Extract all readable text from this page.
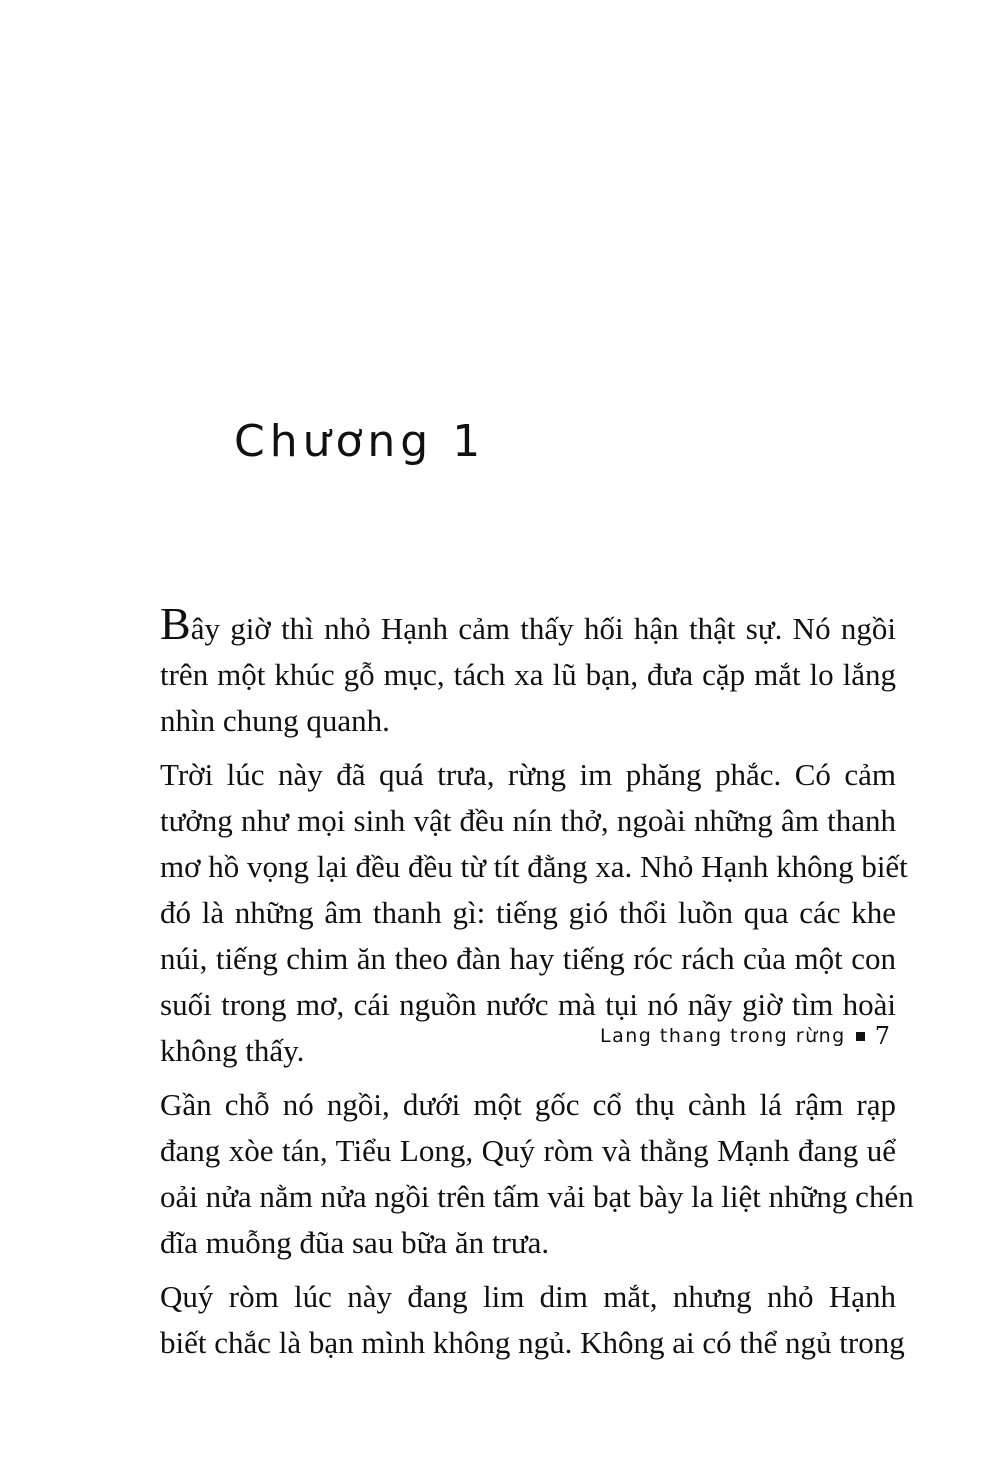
Chương 1

Bây giờ thì nhỏ Hạnh cảm thấy hối hận thật sự. Nó ngồi
trên một khúc gỗ mục, tách xa lũ bạn, đưa cặp mắt lo lắng
nhìn chung quanh.

Trời lúc này đã quá trưa, rừng im phăng phắc. Có cảm
tưởng như mọi sinh vật đều nín thở, ngoài những âm thanh
mơ hồ vọng lại đều đều từ tít đằng xa. Nhỏ Hạnh không biết
đó là những âm thanh gì: tiếng gió thổi luồn qua các khe
núi, tiếng chim ăn theo đàn hay tiếng róc rách của một con
suối trong mơ, cái nguồn nước mà tụi nó nãy giờ tìm hoài
không thấy.

Gần chỗ nó ngồi, dưới một gốc cổ thụ cành lá rậm rạp
đang xòe tán, Tiểu Long, Quý ròm và thằng Mạnh đang uể
oải nửa nằm nửa ngồi trên tấm vải bạt bày la liệt những chén
đĩa muỗng đũa sau bữa ăn trưa.

Quý ròm lúc này đang lim dim mắt, nhưng nhỏ Hạnh
biết chắc là bạn mình không ngủ. Không ai có thể ngủ trong

Lang thang trong rừng 7
